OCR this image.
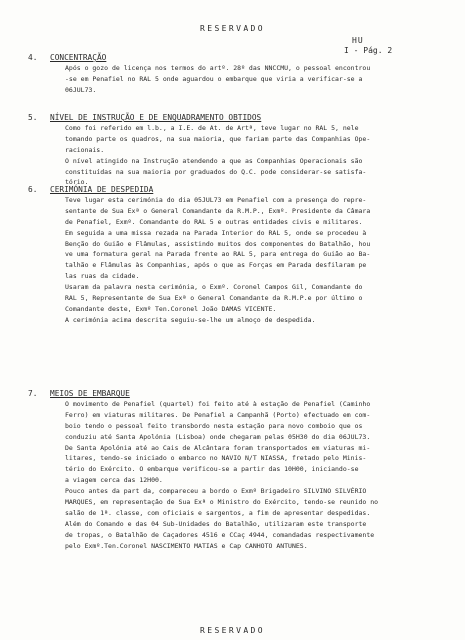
RESERVADO
HU
I - Pág. 2
4. CONCENTRAÇÃO
Após o gozo de licença nos termos do artº. 28º das NNCCMU, o pessoal encontrou
-se em Penafiel no RAL 5 onde aguardou o embarque que viria a verificar-se a
06JUL73.
5. NÍVEL DE INSTRUÇÃO E DE ENQUADRAMENTO OBTIDOS
Como foi referido em l.b., a I.E. de At. de Artª, teve lugar no RAL 5, nele
tomando parte os quadros, na sua maioria, que fariam parte das Companhias Ope-
racionais.
O nível atingido na Instrução atendendo a que as Companhias Operacionais são
constituídas na sua maioria por graduados do Q.C. pode considerar-se satisfa-
tório.
6. CERIMÓNIA DE DESPEDIDA
Teve lugar esta cerimónia do dia 05JUL73 em Penafiel com a presença do repre-
sentante de Sua Exª o General Comandante da R.M.P., Exmº. Presidente da Câmara
de Penafiel, Exmº. Comandante do RAL 5 e outras entidades civis e militares.
Em seguida a uma missa rezada na Parada Interior do RAL 5, onde se procedeu à
Benção do Guião e Flâmulas, assistindo muitos dos componentes do Batalhão, hou
ve uma formatura geral na Parada frente ao RAL 5, para entrega do Guião ao Ba-
talhão e Flâmulas às Companhias, após o que as Forças em Parada desfilaram pe
las ruas da cidade.
Usaram da palavra nesta cerimónia, o Exmº. Coronel Campos Gil, Comandante do
RAL 5, Representante de Sua Exª o General Comandante da R.M.P.e por último o
Comandante deste, Exmº Ten.Coronel João DAMAS VICENTE.
A cerimónia acima descrita seguiu-se-lhe um almoço de despedida.
7. MEIOS DE EMBARQUE
O movimento de Penafiel (quartel) foi feito até à estação de Penafiel (Caminho
Ferro) em viaturas militares. De Penafiel a Campanhã (Porto) efectuado em com-
boio tendo o pessoal feito transbordo nesta estação para novo comboio que os
conduziu até Santa Apolónia (Lisboa) onde chegaram pelas 05H30 do dia 06JUL73.
De Santa Apolónia até ao Cais de Alcântara foram transportados em viaturas mi-
litares, tendo-se iniciado o embarco no NAVIO N/T NIASSA, fretado pelo Minis-
tério do Exército. O embarque verificou-se a partir das 10H00, iniciando-se
a viagem cerca das 12H00.
Pouco antes da part da, compareceu a bordo o Exmº Brigadeiro SILVINO SILVÉRIO
MARQUES, em representação de Sua Exª o Ministro do Exército, tendo-se reunido no
salão de 1ª. classe, com oficiais e sargentos, a fim de apresentar despedidas.
Além do Comando e das 04 Sub-Unidades do Batalhão, utilizaram este transporte
de tropas, o Batalhão de Caçadores 4516 e CCaç 4944, comandadas respectivamente
pelo Exmº.Ten.Coronel NASCIMENTO MATIAS e Cap CANHOTO ANTUNES.
RESERVADO
